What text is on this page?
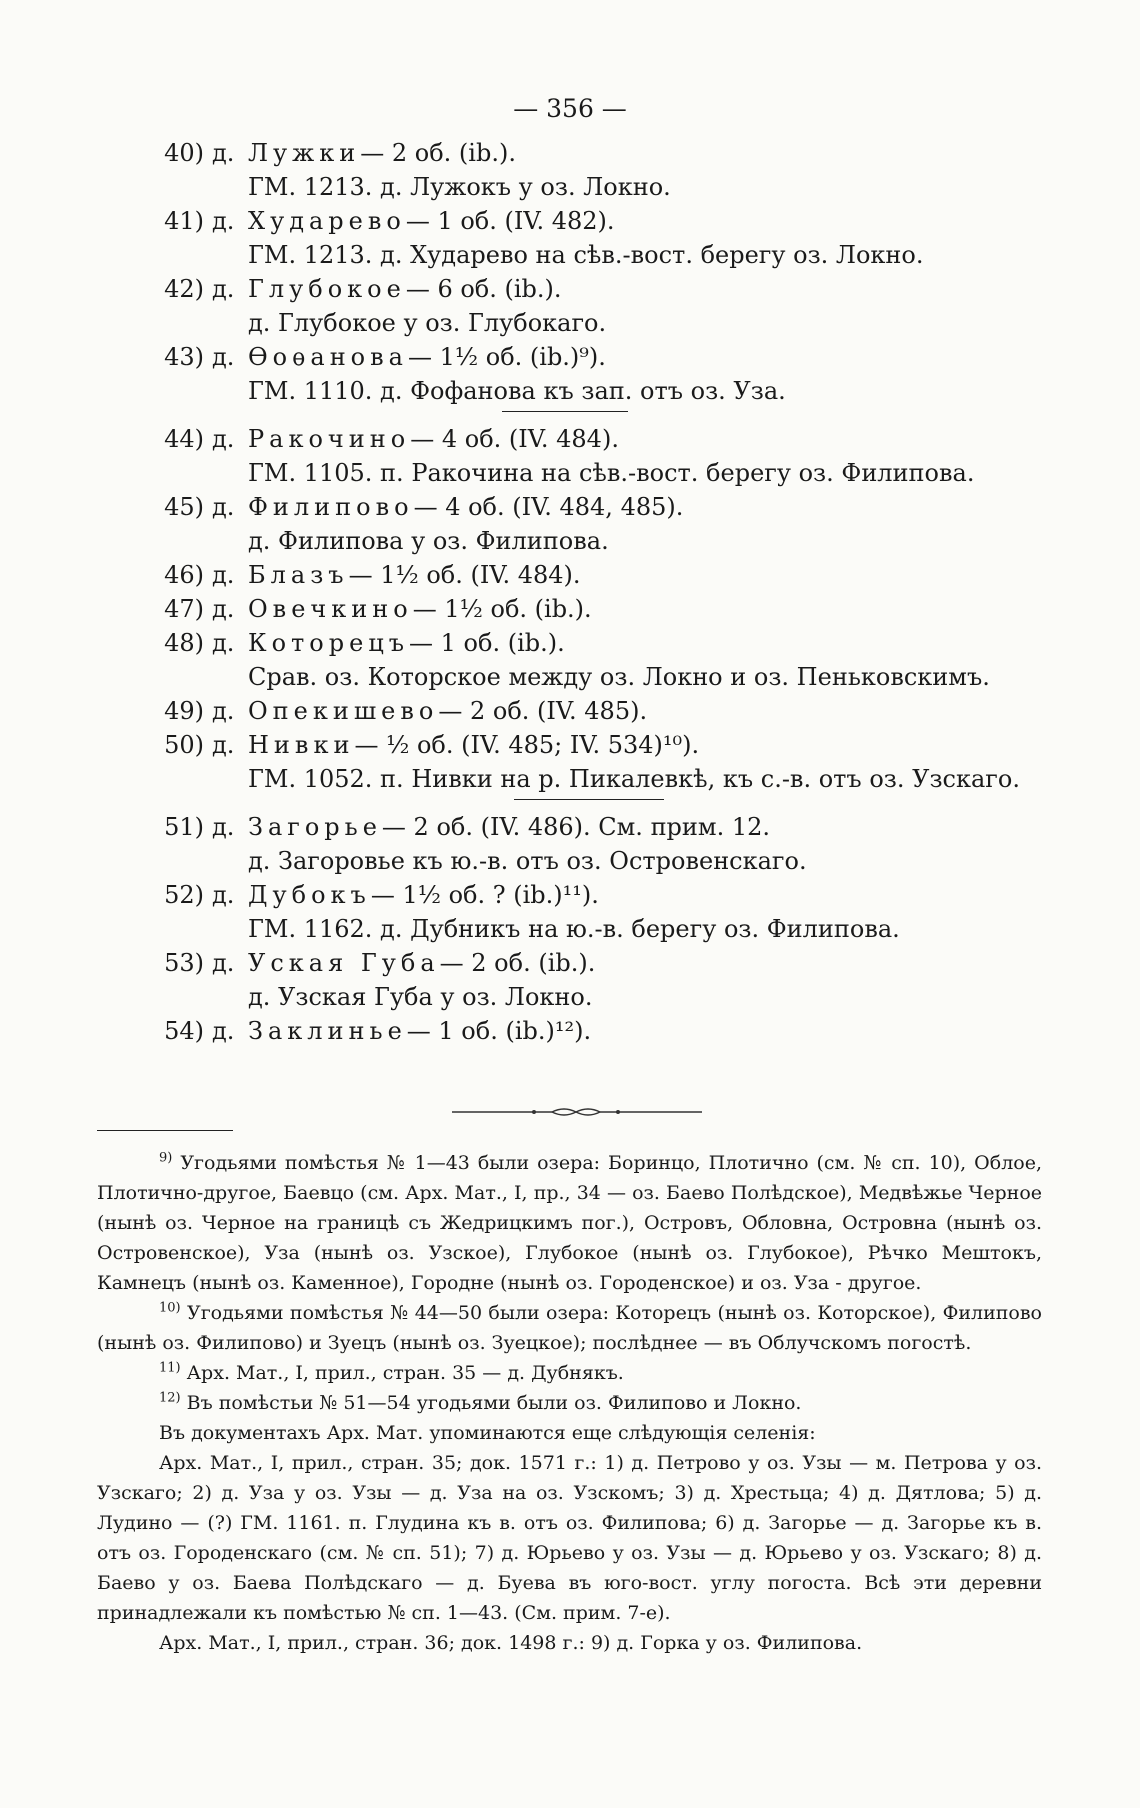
— 356 —
40) д. Лужки— 2 об. (ib.).
ГМ. 1213. д. Лужокъ у оз. Локно.
41) д. Хударево— 1 об. (IV. 482).
ГМ. 1213. д. Хударево на сѣв.-вост. берегу оз. Локно.
42) д. Глубокое— 6 об. (ib.).
д. Глубокое у оз. Глубокаго.
43) д. Ѳоѳанова— 1½ об. (ib.)⁹).
ГМ. 1110. д. Фофанова къ зап. отъ оз. Уза.
44) д. Ракочино— 4 об. (IV. 484).
ГМ. 1105. п. Ракочина на сѣв.-вост. берегу оз. Филипова.
45) д. Филипово— 4 об. (IV. 484, 485).
д. Филипова у оз. Филипова.
46) д. Блазъ— 1½ об. (IV. 484).
47) д. Овечкино— 1½ об. (ib.).
48) д. Которецъ— 1 об. (ib.).
Срав. оз. Которское между оз. Локно и оз. Пеньковскимъ.
49) д. Опекишево— 2 об. (IV. 485).
50) д. Нивки— ½ об. (IV. 485; IV. 534)¹⁰).
ГМ. 1052. п. Нивки на р. Пикалевкѣ, къ с.-в. отъ оз. Узскаго.
51) д. Загорье— 2 об. (IV. 486). См. прим. 12.
д. Загоровье къ ю.-в. отъ оз. Островенскаго.
52) д. Дубокъ— 1½ об. ? (ib.)¹¹).
ГМ. 1162. д. Дубникъ на ю.-в. берегу оз. Филипова.
53) д. Уская Губа— 2 об. (ib.).
д. Узская Губа у оз. Локно.
54) д. Заклинье— 1 об. (ib.)¹²).

$^{9)}$ Угодьями помѣстья № 1—43 были озера: Боринцо, Плотично (см. № сп. 10), Облое, Плотично-другое, Баевцо (см. Арх. Мат., I, пр., 34 — оз. Баево Полѣдское), Медвѣжье Черное (нынѣ оз. Черное на границѣ съ Жедрицкимъ пог.), Островъ, Обловна, Островна (нынѣ оз. Островенское), Уза (нынѣ оз. Узское), Глубокое (нынѣ оз. Глубокое), Рѣчко Мештокъ, Камнецъ (нынѣ оз. Каменное), Городне (нынѣ оз. Городенское) и оз. Уза - другое.

$^{10)}$ Угодьями помѣстья № 44—50 были озера: Которецъ (нынѣ оз. Которское), Филипово (нынѣ оз. Филипово) и Зуецъ (нынѣ оз. Зуецкое); послѣднее — въ Облучскомъ погостѣ.

$^{11)}$ Арх. Мат., I, прил., стран. 35 — д. Дубнякъ.

$^{12)}$ Въ помѣстьи № 51—54 угодьями были оз. Филипово и Локно.

Въ документахъ Арх. Мат. упоминаются еще слѣдующія селенія:

Арх. Мат., I, прил., стран. 35; док. 1571 г.: 1) д. Петрово у оз. Узы — м. Петрова у оз. Узскаго; 2) д. Уза у оз. Узы — д. Уза на оз. Узскомъ; 3) д. Хрестьца; 4) д. Дятлова; 5) д. Лудино — (?) ГМ. 1161. п. Глудина къ в. отъ оз. Филипова; 6) д. Загорье — д. Загорье къ в. отъ оз. Городенскаго (см. № сп. 51); 7) д. Юрьево у оз. Узы — д. Юрьево у оз. Узскаго; 8) д. Баево у оз. Баева Полѣдскаго — д. Буева въ юго-вост. углу погоста. Всѣ эти деревни принадлежали къ помѣстью № сп. 1—43. (См. прим. 7-е).

Арх. Мат., I, прил., стран. 36; док. 1498 г.: 9) д. Горка у оз. Филипова.
